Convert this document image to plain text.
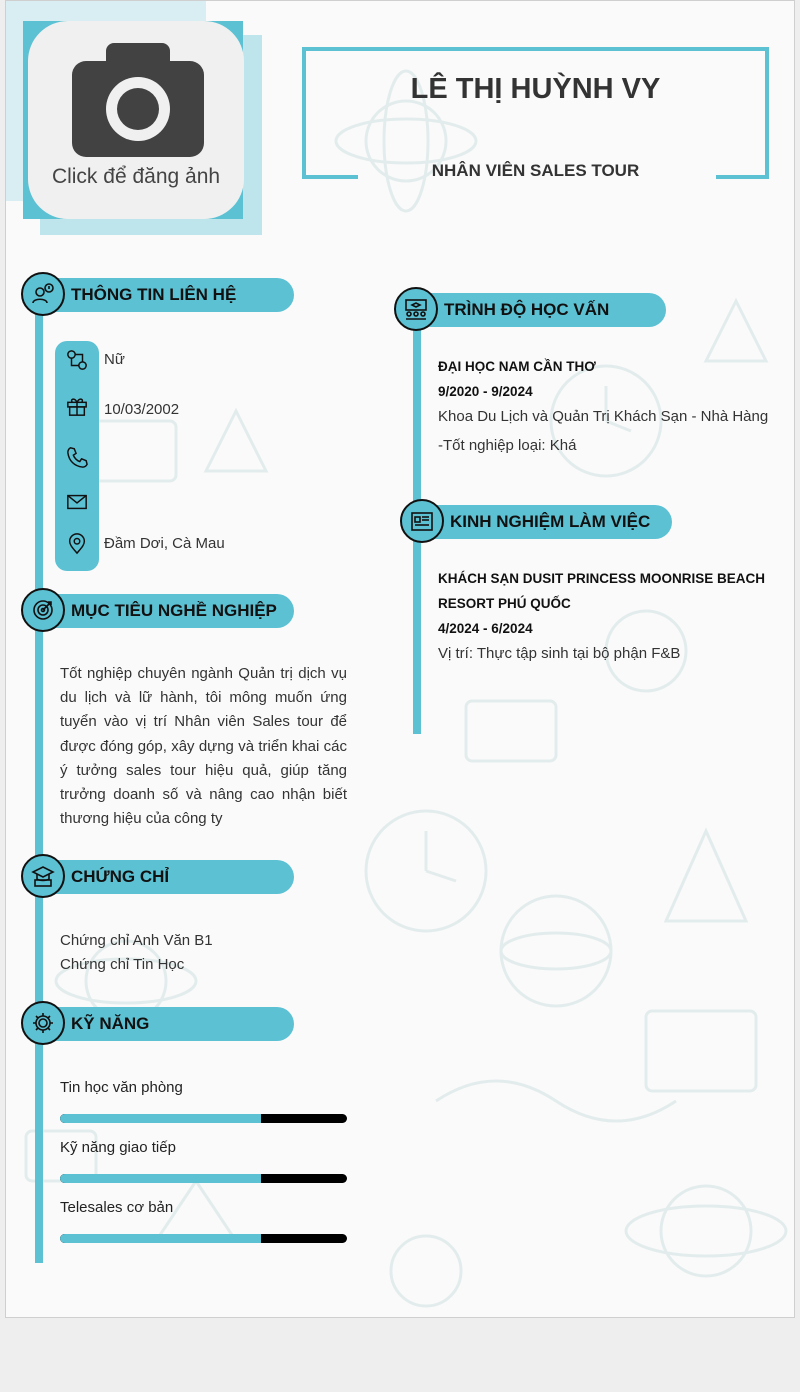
Click để đăng ảnh
LÊ THỊ HUỲNH VY
NHÂN VIÊN SALES TOUR
THÔNG TIN LIÊN HỆ
Nữ
10/03/2002
Đầm Dơi, Cà Mau
MỤC TIÊU NGHỀ NGHIỆP
Tốt nghiệp chuyên ngành Quản trị dịch vụ du lịch và lữ hành, tôi mông muốn ứng tuyển vào vị trí Nhân viên Sales tour để được đóng góp, xây dựng và triển khai các ý tưởng sales tour hiệu quả, giúp tăng trưởng doanh số và nâng cao nhận biết thương hiệu của công ty
CHỨNG CHỈ
Chứng chỉ Anh Văn B1
Chứng chỉ Tin Học
KỸ NĂNG
Tin học văn phòng
Kỹ năng giao tiếp
Telesales cơ bản
TRÌNH ĐỘ HỌC VẤN
ĐẠI HỌC NAM CẦN THƠ
9/2020 - 9/2024
Khoa Du Lịch và Quản Trị Khách Sạn - Nhà Hàng
-Tốt nghiệp loại: Khá
KINH NGHIỆM LÀM VIỆC
KHÁCH SẠN DUSIT PRINCESS MOONRISE BEACH
RESORT PHÚ QUỐC
4/2024 - 6/2024
Vị trí: Thực tập sinh tại bộ phận F&B
